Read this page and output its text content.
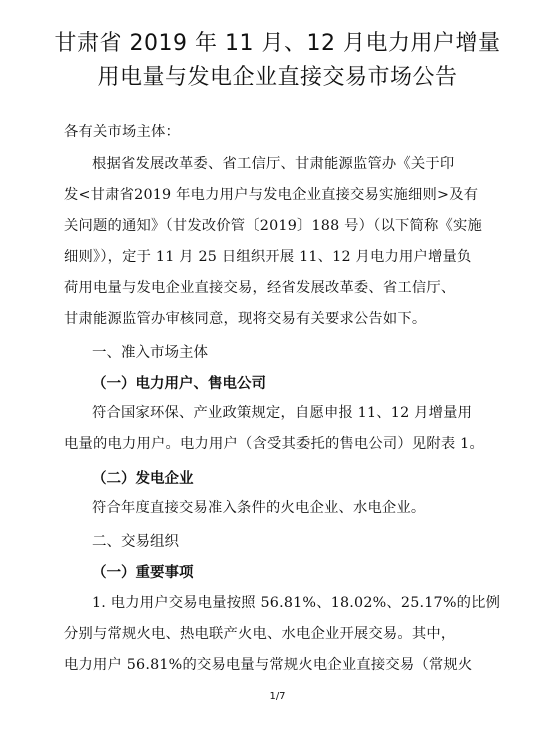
甘肃省 2019 年 11 月、12 月电力用户增量
用电量与发电企业直接交易市场公告
各有关市场主体：
根据省发展改革委、省工信厅、甘肃能源监管办《关于印
发<甘肃省2019 年电力用户与发电企业直接交易实施细则>及有
关问题的通知》（甘发改价管〔2019〕188 号）（以下简称《实施
细则》），定于 11 月 25 日组织开展 11、12 月电力用户增量负
荷用电量与发电企业直接交易，经省发展改革委、省工信厅、
甘肃能源监管办审核同意，现将交易有关要求公告如下。
一、准入市场主体
（一）电力用户、售电公司
符合国家环保、产业政策规定，自愿申报 11、12 月增量用
电量的电力用户。电力用户（含受其委托的售电公司）见附表 1。
（二）发电企业
符合年度直接交易准入条件的火电企业、水电企业。
二、交易组织
（一）重要事项
1. 电力用户交易电量按照 56.81%、18.02%、25.17%的比例
分别与常规火电、热电联产火电、水电企业开展交易。其中，
电力用户 56.81%的交易电量与常规火电企业直接交易（常规火
1/7
